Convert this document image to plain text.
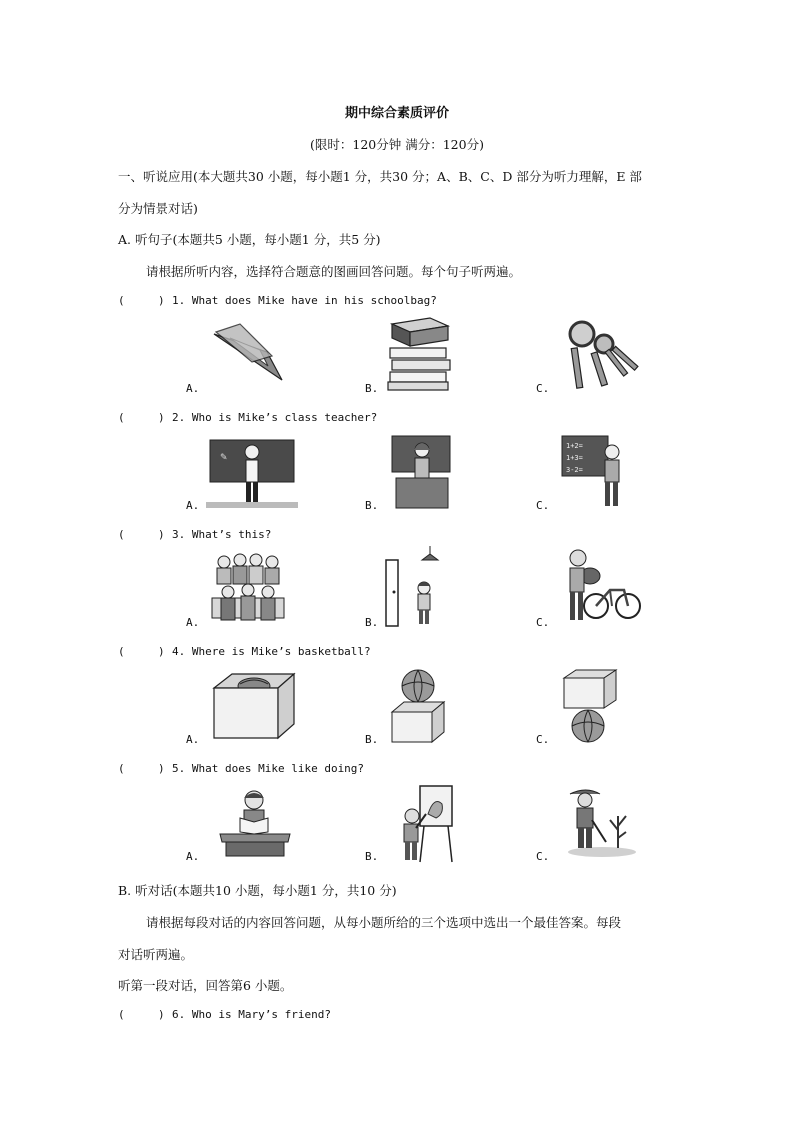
期中综合素质评价
(限时：120分钟 满分：120分)
一、听说应用(本大题共30 小题，每小题1 分，共30 分；A、B、C、D 部分为听力理解，E 部
分为情景对话)
A. 听句子(本题共5 小题，每小题1 分，共5 分)
请根据所听内容，选择符合题意的图画回答问题。每个句子听两遍。
(	) 1. What does Mike have in his schoolbag?
A.	B.	C.
(	) 2. Who is Mike’s class teacher?
✎
1+2=
1+3=
3-2=
A.	B.	C.
(	) 3. What’s this?
A.	B.	C.
(	) 4. Where is Mike’s basketball?
A.	B.	C.
(	) 5. What does Mike like doing?
A.	B.	C.
B. 听对话(本题共10 小题，每小题1 分，共10 分)
请根据每段对话的内容回答问题，从每小题所给的三个选项中选出一个最佳答案。每段
对话听两遍。
听第一段对话，回答第6 小题。
(	) 6. Who is Mary’s friend?
